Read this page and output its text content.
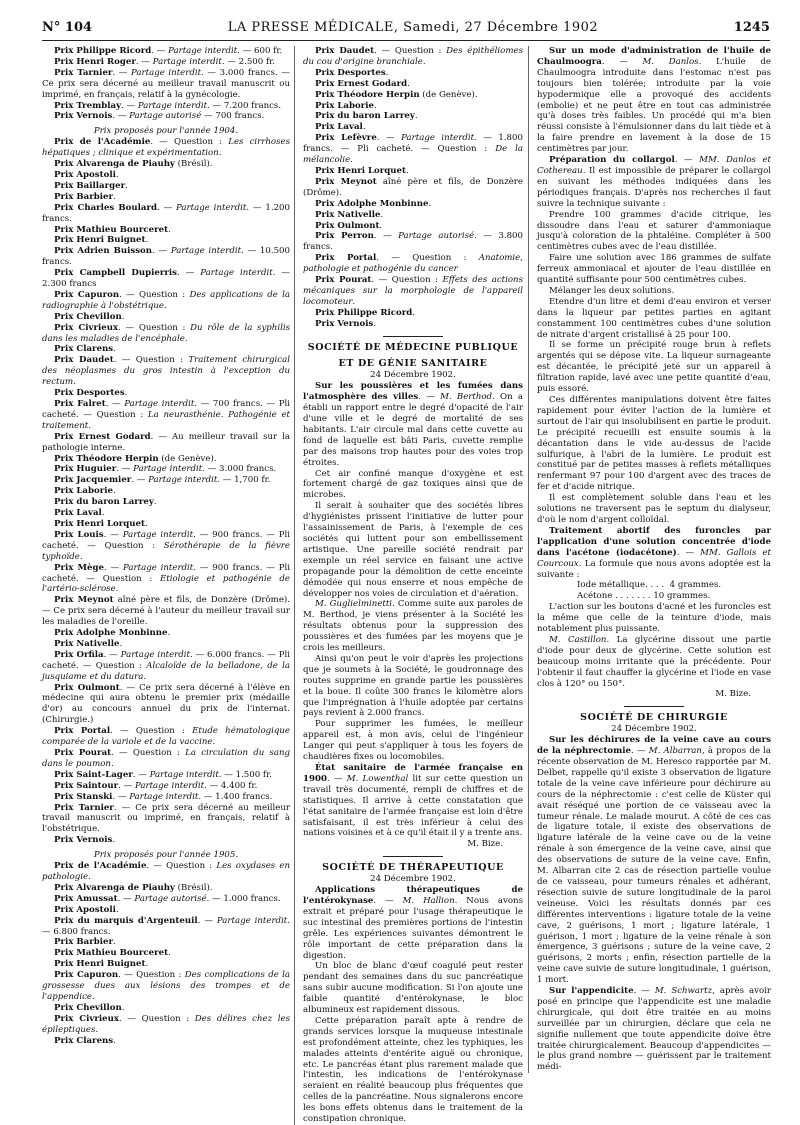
N° 104	LA PRESSE MÉDICALE, Samedi, 27 Décembre 1902	1245

Prix Philippe Ricord. — Partage interdit. — 600 fr.

Prix Henri Roger. — Partage interdit. — 2.500 fr.

Prix Tarnier. — Partage interdit. — 3.000 francs. — Ce prix sera décerné au meilleur travail manuscrit ou imprimé, en français, relatif à la gynécologie.

Prix Tremblay. — Partage interdit. — 7.200 francs.

Prix Vernois. — Partage autorisé — 700 francs.

Prix proposés pour l'année 1904.

Prix de l'Académie. — Question : Les cirrhoses hépatiques ; clinique et expérimentation.

Prix Alvarenga de Piauhy (Brésil).

Prix Apostoli.

Prix Baillarger.

Prix Barbier.

Prix Charles Boulard. — Partage interdit. — 1.200 francs.

Prix Mathieu Bourceret.

Prix Henri Buignet.

Prix Adrien Buisson. — Partage interdit. — 10.500 francs.

Prix Campbell Dupierris. — Partage interdit. — 2.300 francs

Prix Capuron. — Question : Des applications de la radiographie à l'obstétrique.

Prix Chevillon.

Prix Civrieux. — Question : Du rôle de la syphilis dans les maladies de l'encéphale.

Prix Clarens.

Prix Daudet. — Question : Traitement chirurgical des néoplasmes du gros intestin à l'exception du rectum.

Prix Desportes.

Prix Falret. — Partage interdit. — 700 francs. — Pli cacheté. — Question : La neurasthénie. Pathogénie et traitement.

Prix Ernest Godard. — Au meilleur travail sur la pathologie interne.

Prix Théodore Herpin (de Genève).

Prix Huguier. — Partage interdit. — 3.000 francs.

Prix Jacquemier. — Partage interdit. — 1,700 fr.

Prix Laborie.

Prix du baron Larrey.

Prix Laval.

Prix Henri Lorquet.

Prix Louis. — Partage interdit. — 900 francs. — Pli cacheté. — Question : Sérothérapie de la fièvre typhoïde.

Prix Mège. — Partage interdit. — 900 francs. — Pli cacheté. — Question : Etiologie et pathogénie de l'artério-sclérose.

Prix Meynot aîné père et fils, de Donzère (Drôme). — Ce prix sera décerné à l'auteur du meilleur travail sur les maladies de l'oreille.

Prix Adolphe Monbinne.

Prix Nativelle.

Prix Orfila. — Partage interdit. — 6.000 francs. — Pli cacheté. — Question : Alcaloïde de la belladone, de la jusquiame et du datura.

Prix Oulmont. — Ce prix sera décerné à l'élève en médecine qui aura obtenu le premier prix (médaille d'or) au concours annuel du prix de l'internat. (Chirurgie.)

Prix Portal. — Question : Etude hématologique comparée de la variole et de la vaccine.

Prix Pourat. — Question : La circulation du sang dans le poumon.

Prix Saint-Lager. — Partage interdit. — 1.500 fr.

Prix Saintour. — Partage interdit. — 4.400 fr.

Prix Stanski. — Partage interdit. — 1.400 francs.

Prix Tarnier. — Ce prix sera décerné au meilleur travail manuscrit ou imprimé, en français, relatif à l'obstétrique.

Prix Vernois.

Prix proposés pour l'année 1905.

Prix de l'Académie. — Question : Les oxydases en pathologie.

Prix Alvarenga de Piauhy (Brésil).

Prix Amussat. — Partage autorisé. — 1.000 francs.

Prix Apostoli.

Prix du marquis d'Argenteuil. — Partage interdit. — 6.800 francs.

Prix Barbier.

Prix Mathieu Bourceret.

Prix Henri Buignet.

Prix Capuron. — Question : Des complications de la grossesse dues aux lésions des trompes et de l'appendice.

Prix Chevillon.

Prix Civrieux. — Question : Des délires chez les épileptiques.

Prix Clarens.

Prix Daudet. — Question : Des épithéliomes du cou d'origine branchiale.

Prix Desportes.

Prix Ernest Godard.

Prix Théodore Herpin (de Genève).

Prix Laborie.

Prix du baron Larrey.

Prix Laval.

Prix Lefèvre. — Partage interdit. — 1.800 francs. — Pli cacheté. — Question : De la mélancolie.

Prix Henri Lorquet.

Prix Meynot aîné père et fils, de Donzère (Drôme).

Prix Adolphe Monbinne.

Prix Nativelle.

Prix Oulmont.

Prix Perron. — Partage autorisé. — 3.800 francs.

Prix Portal. — Question : Anatomie, pathologie et pathogénie du cancer

Prix Pourat. — Question : Effets des actions mécaniques sur la morphologie de l'appareil locomoteur.

Prix Philippe Ricord.

Prix Vernois.

SOCIÉTÉ DE MÉDECINE PUBLIQUE

ET DE GÉNIE SANITAIRE

24 Décembre 1902.

Sur les poussières et les fumées dans l'atmosphère des villes. — M. Berthod. On a établi un rapport entre le degré d'opacité de l'air d'une ville et le degré de mortalité de ses habitants. L'air circule mal dans cette cuvette au fond de laquelle est bâti Paris, cuvette remplie par des maisons trop hautes pour des voies trop étroites.

Cet air confiné manque d'oxygène et est fortement chargé de gaz toxiques ainsi que de microbes.

Il serait à souhaiter que des sociétés libres d'hygiénistes prissent l'initiative de lutter pour l'assainissement de Paris, à l'exemple de ces sociétés qui luttent pour son embellissement artistique. Une pareille société rendrait par exemple un réel service en faisant une active propagande pour la démolition de cette enceinte démodée qui nous enserre et nous empêche de développer nos voies de circulation et d'aération.

M. Guglielminetti. Comme suite aux paroles de M. Berthod, je viens présenter à la Société les résultats obtenus pour la suppression des poussières et des fumées par les moyens que je crois les meilleurs.

Ainsi qu'on peut le voir d'après les projections que je soumets à la Société, le goudronnage des routes supprime en grande partie les poussières et la boue. Il coûte 300 francs le kilomètre alors que l'imprégnation à l'huile adoptée par certains pays revient à 2.000 francs.

Pour supprimer les fumées, le meilleur appareil est, à mon avis, celui de l'ingénieur Langer qui peut s'appliquer à tous les foyers de chaudières fixes ou locomobiles.

État sanitaire de l'armée française en 1900. — M. Lowenthal lit sur cette question un travail très documenté, rempli de chiffres et de statistiques. Il arrive à cette constatation que l'état sanitaire de l'armée française est loin d'être satisfaisant, il est très inférieur à celui des nations voisines et à ce qu'il était il y a trente ans.

M. Bize.

SOCIÉTÉ DE THÉRAPEUTIQUE

24 Décembre 1902.

Applications thérapeutiques de l'entérokynase. — M. Hallion. Nous avons extrait et préparé pour l'usage thérapeutique le suc intestinal des premières portions de l'intestin grêle. Les expériences suivantes démontrent le rôle important de cette préparation dans la digestion.

Un bloc de blanc d'œuf coagulé peut rester pendant des semaines dans du suc pancréatique sans subir aucune modification. Si l'on ajoute une faible quantité d'entérokynase, le bloc albumineux est rapidement dissous.

Cette préparation paraît apte à rendre de grands services lorsque la muqueuse intestinale est profondément atteinte, chez les typhiques, les malades atteints d'entérite aiguë ou chronique, etc. Le pancréas étant plus rarement malade que l'intestin, les indications de l'entérokynase seraient en réalité beaucoup plus fréquentes que celles de la pancréatine. Nous signalerons encore les bons effets obtenus dans le traitement de la constipation chronique.

Sur un mode d'administration de l'huile de Chaulmoogra. — M. Danlos. L'huile de Chaulmoogra introduite dans l'estomac n'est pas toujours bien tolérée; introduite par la voie hypodermique elle a provoqué des accidents (embolie) et ne peut être en tout cas administrée qu'à doses très faibles. Un procédé qui m'a bien réussi consiste à l'émulsionner dans du lait tiède et à la faire prendre en lavement à la dose de 15 centimètres par jour.

Préparation du collargol. — MM. Danlos et Cothereau. Il est impossible de préparer le collargol en suivant les méthodes indiquées dans les périodiques français. D'après nos recherches il faut suivre la technique suivante :

Prendre 100 grammes d'acide citrique, les dissoudre dans l'eau et saturer d'ammoniaque jusqu'à coloration de la phtaléine. Compléter à 500 centimètres cubes avec de l'eau distillée.

Faire une solution avec 186 grammes de sulfate ferreux ammoniacal et ajouter de l'eau distillée en quantité suffisante pour 500 centimètres cubes.

Mélanger les deux solutions.

Etendre d'un litre et demi d'eau environ et verser dans la liqueur par petites parties en agitant constamment 100 centimètres cubes d'une solution de nitrate d'argent cristallisé à 25 pour 100.

Il se forme un précipité rouge brun à reflets argentés qui se dépose vite. La liqueur surnageante est décantée, le précipité jeté sur un appareil à filtration rapide, lavé avec une petite quantité d'eau, puis essoré.

Ces différentes manipulations doivent être faites rapidement pour éviter l'action de la lumière et surtout de l'air qui insolubilisent en partie le produit. Le précipité recueilli est ensuite soumis à la décantation dans le vide au-dessus de l'acide sulfurique, à l'abri de la lumière. Le produit est constitué par de petites masses à reflets métalliques renfermant 97 pour 100 d'argent avec des traces de fer et d'acide nitrique.

Il est complètement soluble dans l'eau et les solutions ne traversent pas le septum du dialyseur, d'où le nom d'argent colloïdal.

Traitement abortif des furoncles par l'application d'une solution concentrée d'iode dans l'acétone (iodacétone). — MM. Gallois et Courcoux. La formule que nous avons adoptée est la suivante :

Iode métallique. . . .  4 grammes.

Acétone . . . . . . . 10 grammes.

L'action sur les boutons d'acné et les furoncles est la même que celle de la teinture d'iode, mais notablement plus puissante.

M. Castillon. La glycérine dissout une partie d'iode pour deux de glycérine. Cette solution est beaucoup moins irritante que la précédente. Pour l'obtenir il faut chauffer la glycérine et l'iode en vase clos à 120° ou 150°.

M. Bize.

SOCIÉTÉ DE CHIRURGIE

24 Décembre 1902.

Sur les déchirures de la veine cave au cours de la néphrectomie. — M. Albarran, à propos de la récente observation de M. Heresco rapportée par M. Delbet, rappelle qu'il existe 3 observation de ligature totale de la veine cave inférieure pour déchirure au cours de la néphrectomie : c'est celle de Küster qui avait réséqué une portion de ce vaisseau avec la tumeur rénale. Le malade mourut. A côté de ces cas de ligature totale, il existe des observations de ligature latérale de la veine cave ou de la veine rénale à son émergence de la veine cave, ainsi que des observations de suture de la veine cave. Enfin, M. Albarran cite 2 cas de résection partielle voulue de ce vaisseau, pour tumeurs rénales et adhérant, résection suivie de suture longitudinale de la paroi veineuse. Voici les résultats donnés par ces différentes interventions : ligature totale de la veine cave, 2 guérisons, 1 mort ; ligature latérale, 1 guérison, 1 mort ; ligature de la veine rénale à son émergence, 3 guérisons ; suture de la veine cave, 2 guérisons, 2 morts ; enfin, résection partielle de la veine cave suivie de suture longitudinale, 1 guérison, 1 mort.

Sur l'appendicite. — M. Schwartz, après avoir posé en principe que l'appendicite est une maladie chirurgicale, qui doit être traitée en au moins surveillée par un chirurgien, déclare que cela ne signifie nullement que toute appendicite doive être traitée chirurgicalement. Beaucoup d'appendicites — le plus grand nombre — guérissent par le traitement médi-
